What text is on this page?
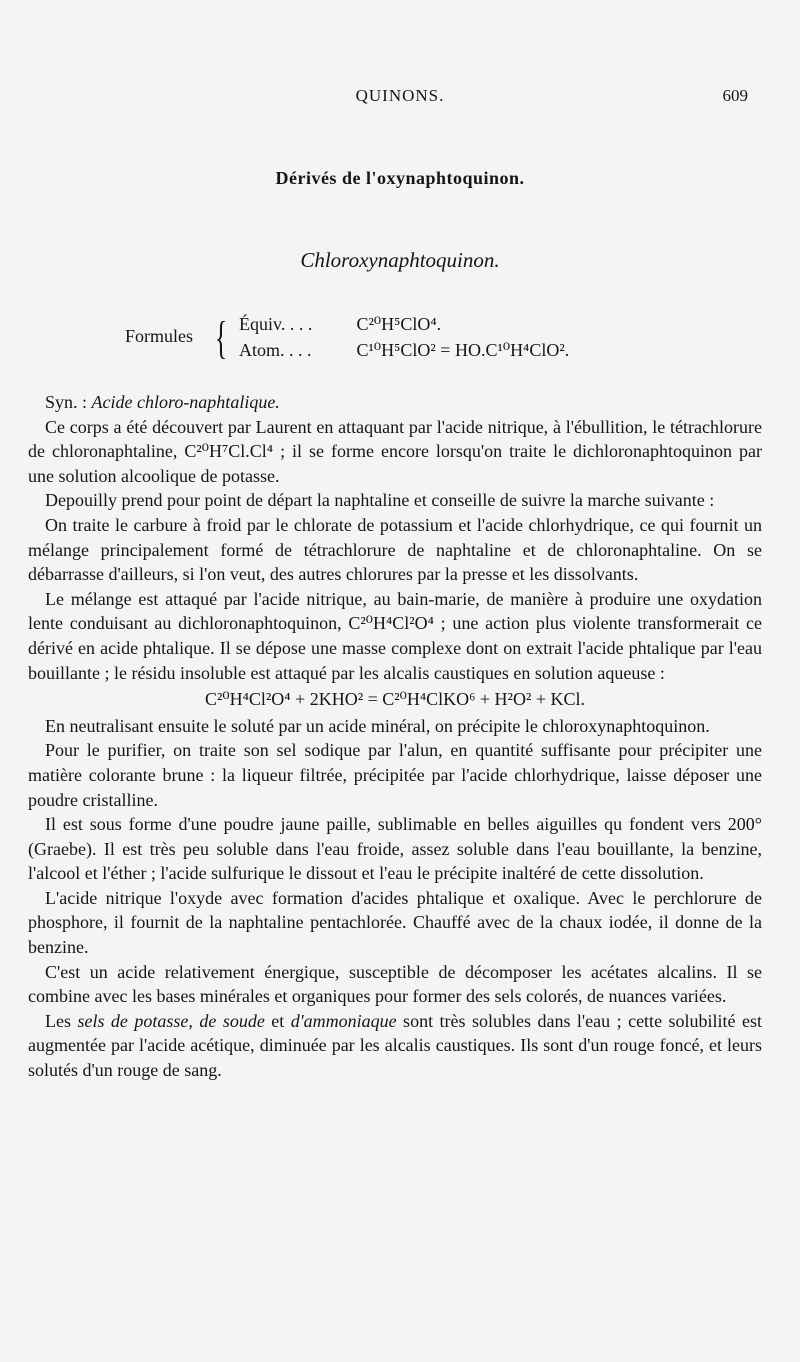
QUINONS.	609
Dérivés de l'oxynaphtoquinon.
Chloroxynaphtoquinon.
Formules { Équiv. . . . C²⁰H⁵ClO⁴.
Atom. . . . C¹⁰H⁵ClO² = HO.C¹⁰H⁴ClO².

Syn. : Acide chloro-naphtalique.

Ce corps a été découvert par Laurent en attaquant par l'acide nitrique, à l'ébullition, le tétrachlorure de chloronaphtaline, C²⁰H⁷Cl.Cl⁴ ; il se forme encore lorsqu'on traite le dichloronaphtoquinon par une solution alcoolique de potasse.

Depouilly prend pour point de départ la naphtaline et conseille de suivre la marche suivante :

On traite le carbure à froid par le chlorate de potassium et l'acide chlorhydrique, ce qui fournit un mélange principalement formé de tétrachlorure de naphtaline et de chloronaphtaline. On se débarrasse d'ailleurs, si l'on veut, des autres chlorures par la presse et les dissolvants.

Le mélange est attaqué par l'acide nitrique, au bain-marie, de manière à produire une oxydation lente conduisant au dichloronaphtoquinon, C²⁰H⁴Cl²O⁴ ; une action plus violente transformerait ce dérivé en acide phtalique. Il se dépose une masse complexe dont on extrait l'acide phtalique par l'eau bouillante ; le résidu insoluble est attaqué par les alcalis caustiques en solution aqueuse :

C²⁰H⁴Cl²O⁴ + 2KHO² = C²⁰H⁴ClKO⁶ + H²O² + KCl.

En neutralisant ensuite le soluté par un acide minéral, on précipite le chloroxynaphtoquinon.

Pour le purifier, on traite son sel sodique par l'alun, en quantité suffisante pour précipiter une matière colorante brune : la liqueur filtrée, précipitée par l'acide chlorhydrique, laisse déposer une poudre cristalline.

Il est sous forme d'une poudre jaune paille, sublimable en belles aiguilles qu fondent vers 200° (Graebe). Il est très peu soluble dans l'eau froide, assez soluble dans l'eau bouillante, la benzine, l'alcool et l'éther ; l'acide sulfurique le dissout et l'eau le précipite inaltéré de cette dissolution.

L'acide nitrique l'oxyde avec formation d'acides phtalique et oxalique. Avec le perchlorure de phosphore, il fournit de la naphtaline pentachlorée. Chauffé avec de la chaux iodée, il donne de la benzine.

C'est un acide relativement énergique, susceptible de décomposer les acétates alcalins. Il se combine avec les bases minérales et organiques pour former des sels colorés, de nuances variées.

Les sels de potasse, de soude et d'ammoniaque sont très solubles dans l'eau ; cette solubilité est augmentée par l'acide acétique, diminuée par les alcalis caustiques. Ils sont d'un rouge foncé, et leurs solutés d'un rouge de sang.
